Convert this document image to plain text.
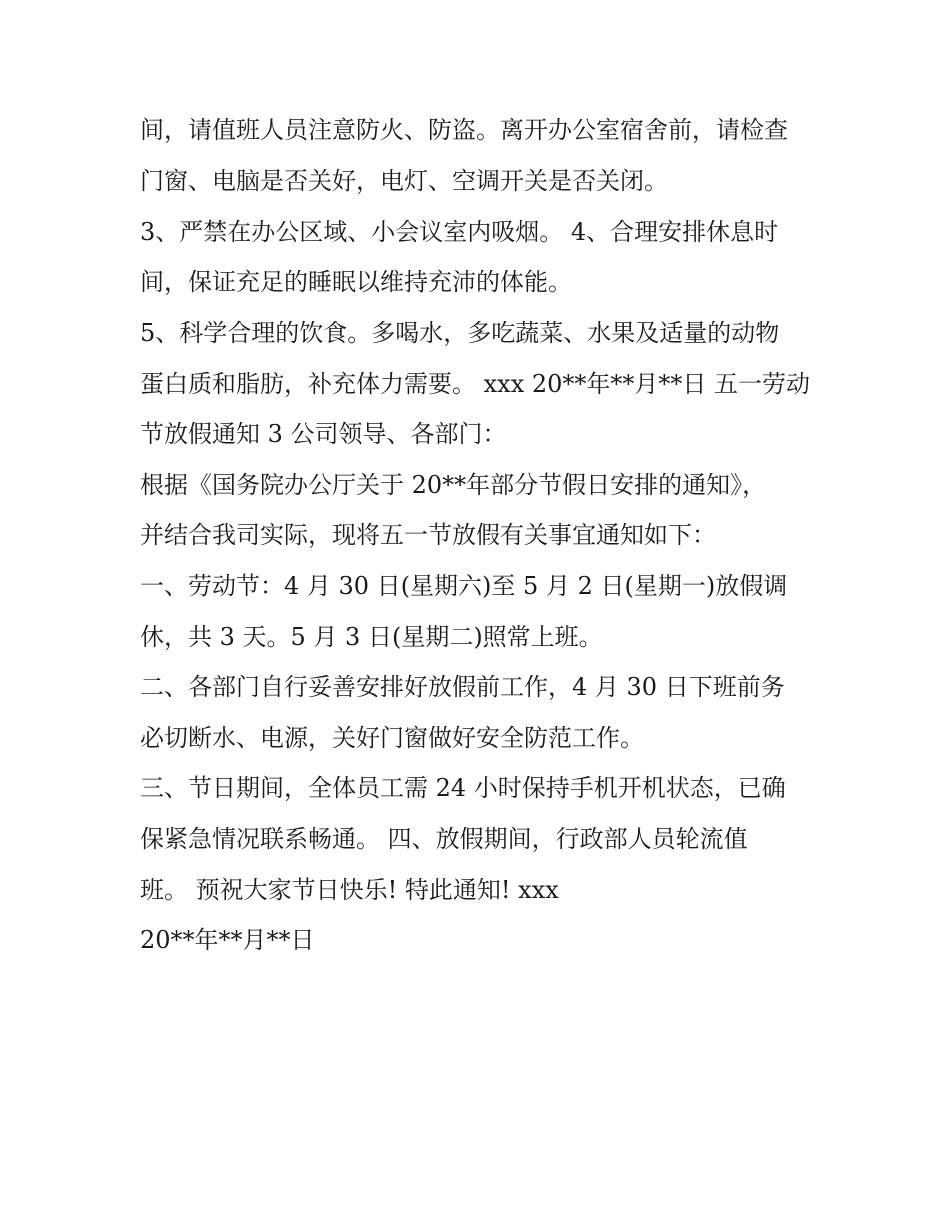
间，请值班人员注意防火、防盗。离开办公室宿舍前，请检查

门窗、电脑是否关好，电灯、空调开关是否关闭。

3、严禁在办公区域、小会议室内吸烟。 4、合理安排休息时

间，保证充足的睡眠以维持充沛的体能。

5、科学合理的饮食。多喝水，多吃蔬菜、水果及适量的动物

蛋白质和脂肪，补充体力需要。 xxx 20**年**月**日 五一劳动

节放假通知 3 公司领导、各部门：

根据《国务院办公厅关于 20**年部分节假日安排的通知》，

并结合我司实际，现将五一节放假有关事宜通知如下：

一、劳动节：4 月 30 日(星期六)至 5 月 2 日(星期一)放假调

休，共 3 天。5 月 3 日(星期二)照常上班。

二、各部门自行妥善安排好放假前工作，4 月 30 日下班前务

必切断水、电源，关好门窗做好安全防范工作。

三、节日期间，全体员工需 24 小时保持手机开机状态，已确

保紧急情况联系畅通。 四、放假期间，行政部人员轮流值

班。 预祝大家节日快乐! 特此通知! xxx

20**年**月**日
